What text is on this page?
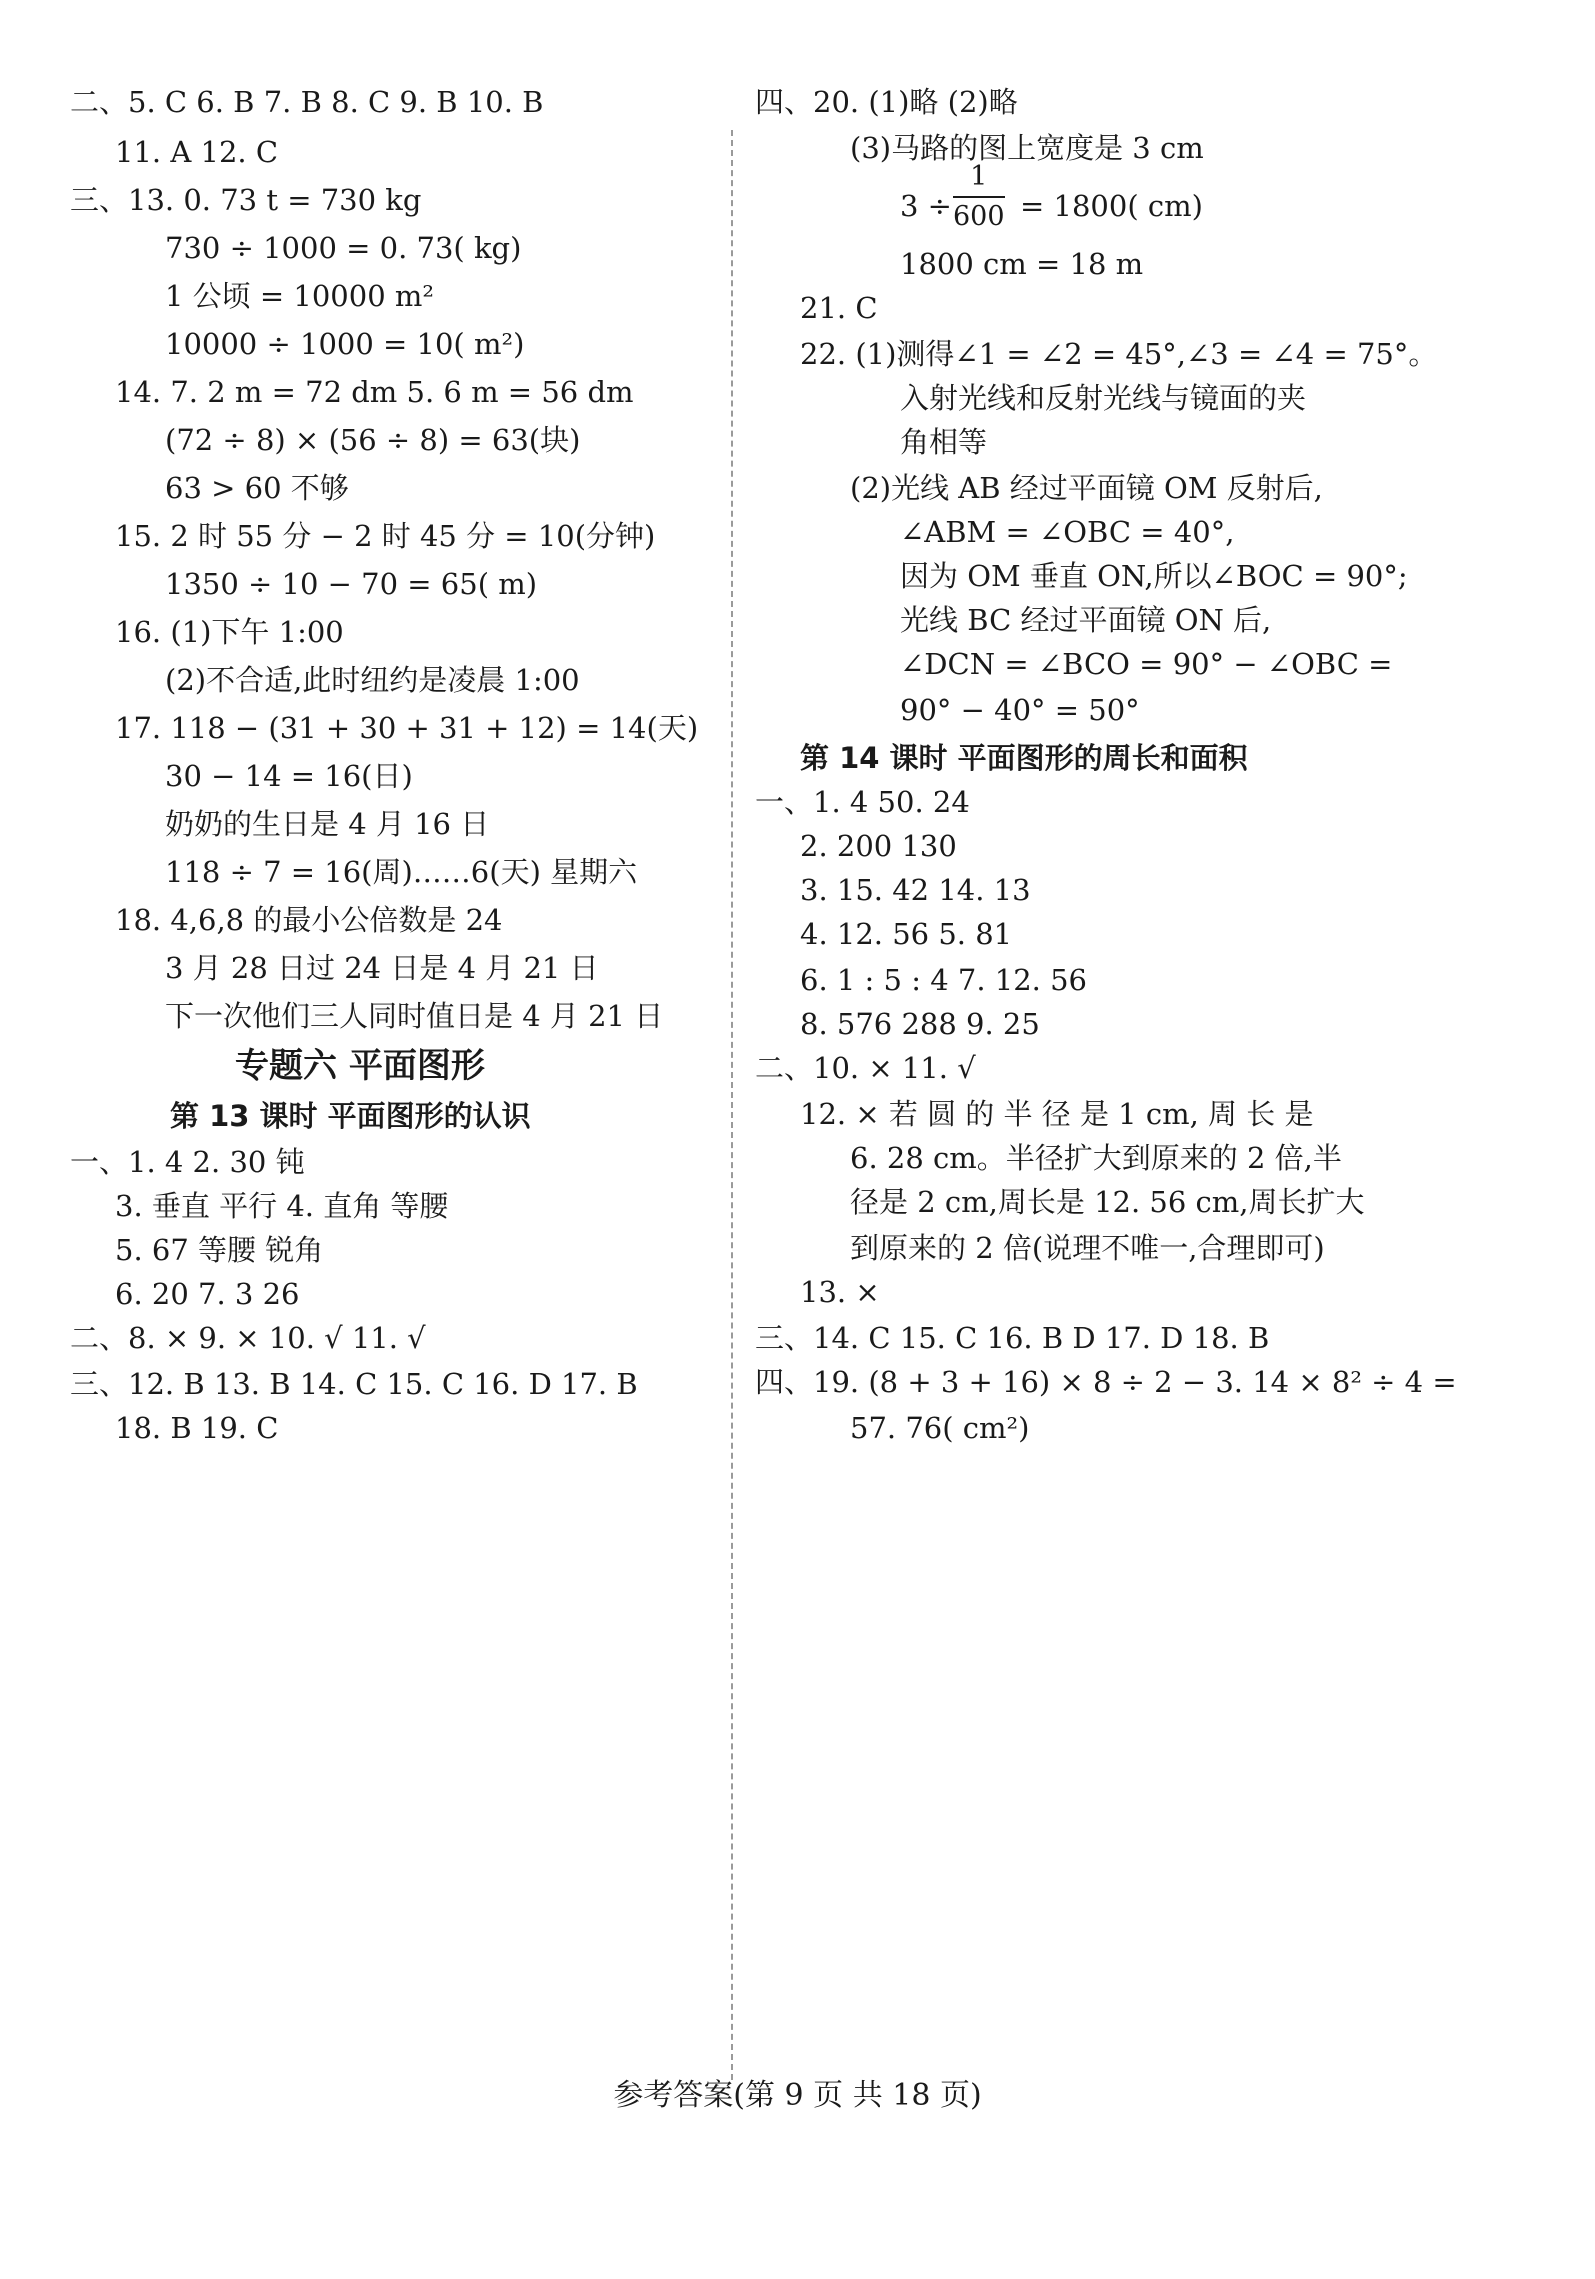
二、5. C 6. B 7. B 8. C 9. B 10. B
11. A 12. C
三、13. 0. 73 t = 730 kg
730 ÷ 1000 = 0. 73( kg)
1 公顷 = 10000 m²
10000 ÷ 1000 = 10( m²)
14. 7. 2 m = 72 dm 5. 6 m = 56 dm
(72 ÷ 8) × (56 ÷ 8) = 63(块)
63 > 60 不够
15. 2 时 55 分 − 2 时 45 分 = 10(分钟)
1350 ÷ 10 − 70 = 65( m)
16. (1)下午 1:00
(2)不合适,此时纽约是凌晨 1:00
17. 118 − (31 + 30 + 31 + 12) = 14(天)
30 − 14 = 16(日)
奶奶的生日是 4 月 16 日
118 ÷ 7 = 16(周)……6(天) 星期六
18. 4,6,8 的最小公倍数是 24
3 月 28 日过 24 日是 4 月 21 日
下一次他们三人同时值日是 4 月 21 日
专题六 平面图形
第 13 课时 平面图形的认识
一、1. 4 2. 30 钝
3. 垂直 平行 4. 直角 等腰
5. 67 等腰 锐角
6. 20 7. 3 26
二、8. × 9. × 10. √ 11. √
三、12. B 13. B 14. C 15. C 16. D 17. B
18. B 19. C
四、20. (1)略 (2)略
(3)马路的图上宽度是 3 cm
3 ÷
1
600 = 1800( cm)
1800 cm = 18 m
21. C
22. (1)测得∠1 = ∠2 = 45°,∠3 = ∠4 = 75°。
入射光线和反射光线与镜面的夹
角相等
(2)光线 AB 经过平面镜 OM 反射后,
∠ABM = ∠OBC = 40°,
因为 OM 垂直 ON,所以∠BOC = 90°;
光线 BC 经过平面镜 ON 后,
∠DCN = ∠BCO = 90° − ∠OBC =
90° − 40° = 50°
第 14 课时 平面图形的周长和面积
一、1. 4 50. 24
2. 200 130
3. 15. 42 14. 13
4. 12. 56 5. 81
6. 1 : 5 : 4 7. 12. 56
8. 576 288 9. 25
二、10. × 11. √
12. × 若 圆 的 半 径 是 1 cm, 周 长 是
6. 28 cm。半径扩大到原来的 2 倍,半
径是 2 cm,周长是 12. 56 cm,周长扩大
到原来的 2 倍(说理不唯一,合理即可)
13. ×
三、14. C 15. C 16. B D 17. D 18. B
四、19. (8 + 3 + 16) × 8 ÷ 2 − 3. 14 × 8² ÷ 4 =
57. 76( cm²)
参考答案(第 9 页 共 18 页)
